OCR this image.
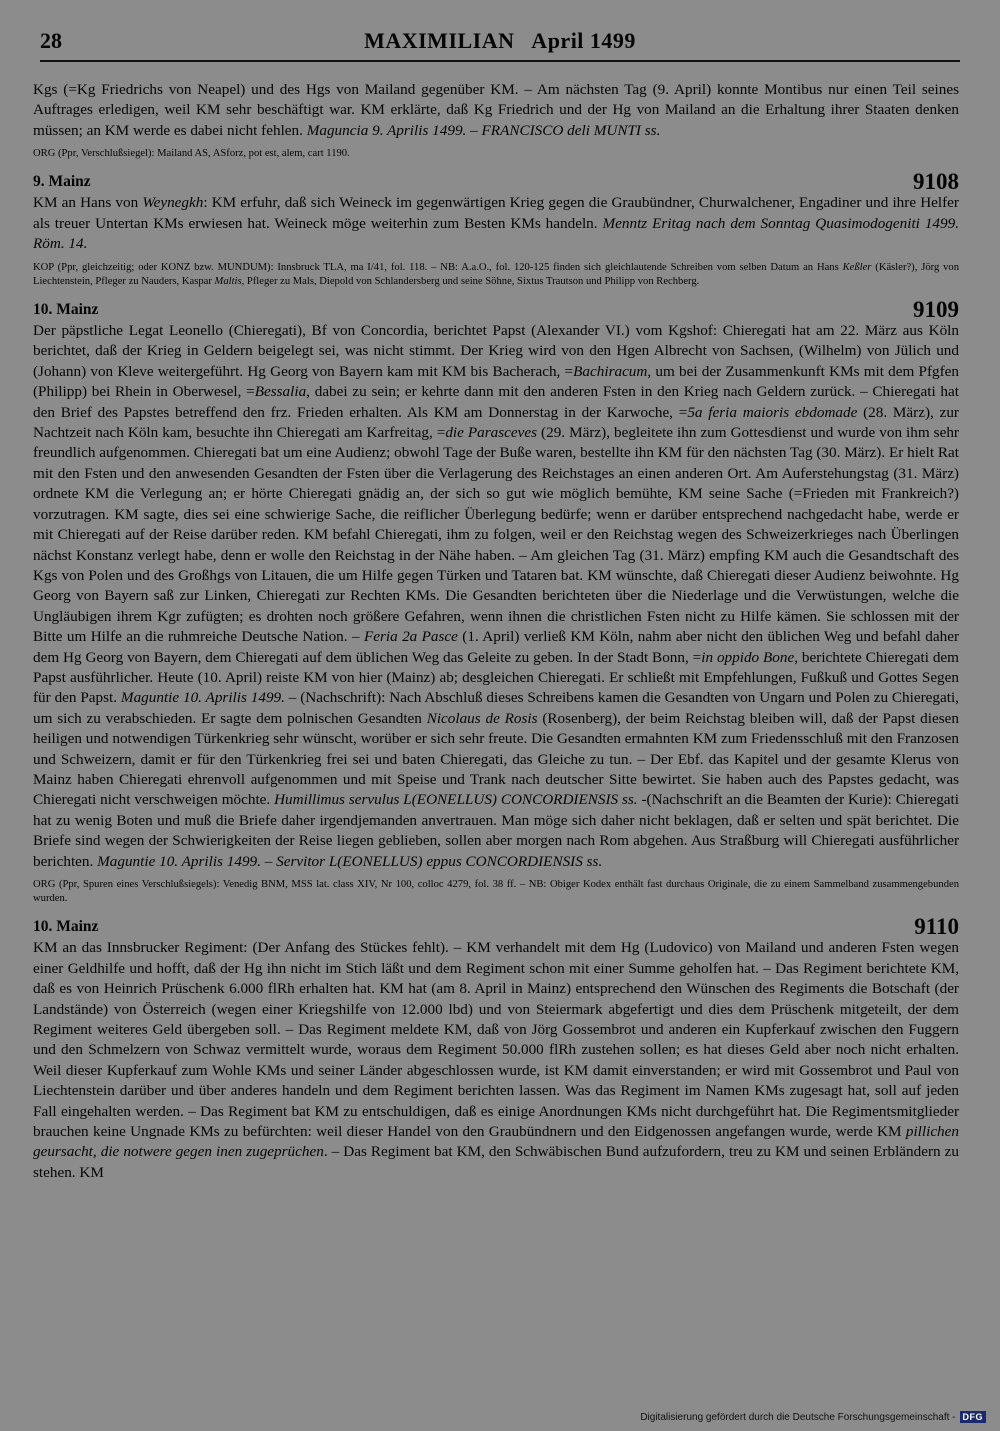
28	MAXIMILIAN   April 1499

Kgs (=Kg Friedrichs von Neapel) und des Hgs von Mailand gegenüber KM. – Am nächsten Tag (9. April) konnte Montibus nur einen Teil seines Auftrages erledigen, weil KM sehr beschäftigt war. KM erklärte, daß Kg Friedrich und der Hg von Mailand an die Erhaltung ihrer Staaten denken müssen; an KM werde es dabei nicht fehlen. Maguncia 9. Aprilis 1499. – FRANCISCO deli MUNTI ss.

ORG (Ppr, Verschlußsiegel): Mailand AS, ASforz, pot est, alem, cart 1190.

9. Mainz	9108

KM an Hans von Weynegkh: KM erfuhr, daß sich Weineck im gegenwärtigen Krieg gegen die Graubündner, Churwalchener, Engadiner und ihre Helfer als treuer Untertan KMs erwiesen hat. Weineck möge weiterhin zum Besten KMs handeln. Menntz Eritag nach dem Sonntag Quasimodogeniti 1499. Röm. 14.

KOP (Ppr, gleichzeitig; oder KONZ bzw. MUNDUM): Innsbruck TLA, ma I/41, fol. 118. – NB: A.a.O., fol. 120-125 finden sich gleichlautende Schreiben vom selben Datum an Hans Keßler (Käsler?), Jörg von Liechtenstein, Pfleger zu Nauders, Kaspar Maltis, Pfleger zu Mals, Diepold von Schlandersberg und seine Söhne, Sixtus Trautson und Philipp von Rechberg.

10. Mainz	9109

Der päpstliche Legat Leonello (Chieregati), Bf von Concordia, berichtet Papst (Alexander VI.) vom Kgshof: Chieregati hat am 22. März aus Köln berichtet, daß der Krieg in Geldern beigelegt sei, was nicht stimmt. Der Krieg wird von den Hgen Albrecht von Sachsen, (Wilhelm) von Jülich und (Johann) von Kleve weitergeführt. Hg Georg von Bayern kam mit KM bis Bacherach, =Bachiracum, um bei der Zusammenkunft KMs mit dem Pfgfen (Philipp) bei Rhein in Oberwesel, =Bessalia, dabei zu sein; er kehrte dann mit den anderen Fsten in den Krieg nach Geldern zurück. – Chieregati hat den Brief des Papstes betreffend den frz. Frieden erhalten. Als KM am Donnerstag in der Karwoche, =5a feria maioris ebdomade (28. März), zur Nachtzeit nach Köln kam, besuchte ihn Chieregati am Karfreitag, =die Parasceves (29. März), begleitete ihn zum Gottesdienst und wurde von ihm sehr freundlich aufgenommen. Chieregati bat um eine Audienz; obwohl Tage der Buße waren, bestellte ihn KM für den nächsten Tag (30. März). Er hielt Rat mit den Fsten und den anwesenden Gesandten der Fsten über die Verlagerung des Reichstages an einen anderen Ort. Am Auferstehungstag (31. März) ordnete KM die Verlegung an; er hörte Chieregati gnädig an, der sich so gut wie möglich bemühte, KM seine Sache (=Frieden mit Frankreich?) vorzutragen. KM sagte, dies sei eine schwierige Sache, die reiflicher Überlegung bedürfe; wenn er darüber entsprechend nachgedacht habe, werde er mit Chieregati auf der Reise darüber reden. KM befahl Chieregati, ihm zu folgen, weil er den Reichstag wegen des Schweizerkrieges nach Überlingen nächst Konstanz verlegt habe, denn er wolle den Reichstag in der Nähe haben. – Am gleichen Tag (31. März) empfing KM auch die Gesandtschaft des Kgs von Polen und des Großhgs von Litauen, die um Hilfe gegen Türken und Tataren bat. KM wünschte, daß Chieregati dieser Audienz beiwohnte. Hg Georg von Bayern saß zur Linken, Chieregati zur Rechten KMs. Die Gesandten berichteten über die Niederlage und die Verwüstungen, welche die Ungläubigen ihrem Kgr zufügten; es drohten noch größere Gefahren, wenn ihnen die christlichen Fsten nicht zu Hilfe kämen. Sie schlossen mit der Bitte um Hilfe an die ruhmreiche Deutsche Nation. – Feria 2a Pasce (1. April) verließ KM Köln, nahm aber nicht den üblichen Weg und befahl daher dem Hg Georg von Bayern, dem Chieregati auf dem üblichen Weg das Geleite zu geben. In der Stadt Bonn, =in oppido Bone, berichtete Chieregati dem Papst ausführlicher. Heute (10. April) reiste KM von hier (Mainz) ab; desgleichen Chieregati. Er schließt mit Empfehlungen, Fußkuß und Gottes Segen für den Papst. Maguntie 10. Aprilis 1499. – (Nachschrift): Nach Abschluß dieses Schreibens kamen die Gesandten von Ungarn und Polen zu Chieregati, um sich zu verabschieden. Er sagte dem polnischen Gesandten Nicolaus de Rosis (Rosenberg), der beim Reichstag bleiben will, daß der Papst diesen heiligen und notwendigen Türkenkrieg sehr wünscht, worüber er sich sehr freute. Die Gesandten ermahnten KM zum Friedensschluß mit den Franzosen und Schweizern, damit er für den Türkenkrieg frei sei und baten Chieregati, das Gleiche zu tun. – Der Ebf. das Kapitel und der gesamte Klerus von Mainz haben Chieregati ehrenvoll aufgenommen und mit Speise und Trank nach deutscher Sitte bewirtet. Sie haben auch des Papstes gedacht, was Chieregati nicht verschweigen möchte. Humillimus servulus L(EONELLUS) CONCORDIENSIS ss. -(Nachschrift an die Beamten der Kurie): Chieregati hat zu wenig Boten und muß die Briefe daher irgendjemanden anvertrauen. Man möge sich daher nicht beklagen, daß er selten und spät berichtet. Die Briefe sind wegen der Schwierigkeiten der Reise liegen geblieben, sollen aber morgen nach Rom abgehen. Aus Straßburg will Chieregati ausführlicher berichten. Maguntie 10. Aprilis 1499. – Servitor L(EONELLUS) eppus CONCORDIENSIS ss.

ORG (Ppr, Spuren eines Verschlußsiegels): Venedig BNM, MSS lat. class XIV, Nr 100, colloc 4279, fol. 38 ff. – NB: Obiger Kodex enthält fast durchaus Originale, die zu einem Sammelband zusammengebunden wurden.

10. Mainz	9110

KM an das Innsbrucker Regiment: (Der Anfang des Stückes fehlt). – KM verhandelt mit dem Hg (Ludovico) von Mailand und anderen Fsten wegen einer Geldhilfe und hofft, daß der Hg ihn nicht im Stich läßt und dem Regiment schon mit einer Summe geholfen hat. – Das Regiment berichtete KM, daß es von Heinrich Prüschenk 6.000 flRh erhalten hat. KM hat (am 8. April in Mainz) entsprechend den Wünschen des Regiments die Botschaft (der Landstände) von Österreich (wegen einer Kriegshilfe von 12.000 lbd) und von Steiermark abgefertigt und dies dem Prüschenk mitgeteilt, der dem Regiment weiteres Geld übergeben soll. – Das Regiment meldete KM, daß von Jörg Gossembrot und anderen ein Kupferkauf zwischen den Fuggern und den Schmelzern von Schwaz vermittelt wurde, woraus dem Regiment 50.000 flRh zustehen sollen; es hat dieses Geld aber noch nicht erhalten. Weil dieser Kupferkauf zum Wohle KMs und seiner Länder abgeschlossen wurde, ist KM damit einverstanden; er wird mit Gossembrot und Paul von Liechtenstein darüber und über anderes handeln und dem Regiment berichten lassen. Was das Regiment im Namen KMs zugesagt hat, soll auf jeden Fall eingehalten werden. – Das Regiment bat KM zu entschuldigen, daß es einige Anordnungen KMs nicht durchgeführt hat. Die Regimentsmitglieder brauchen keine Ungnade KMs zu befürchten: weil dieser Handel von den Graubündnern und den Eidgenossen angefangen wurde, werde KM pillichen geursacht, die notwere gegen inen zugeprüchen. – Das Regiment bat KM, den Schwäbischen Bund aufzufordern, treu zu KM und seinen Erbländern zu stehen. KM

Digitalisierung gefördert durch die Deutsche Forschungsgemeinschaft - DFG
